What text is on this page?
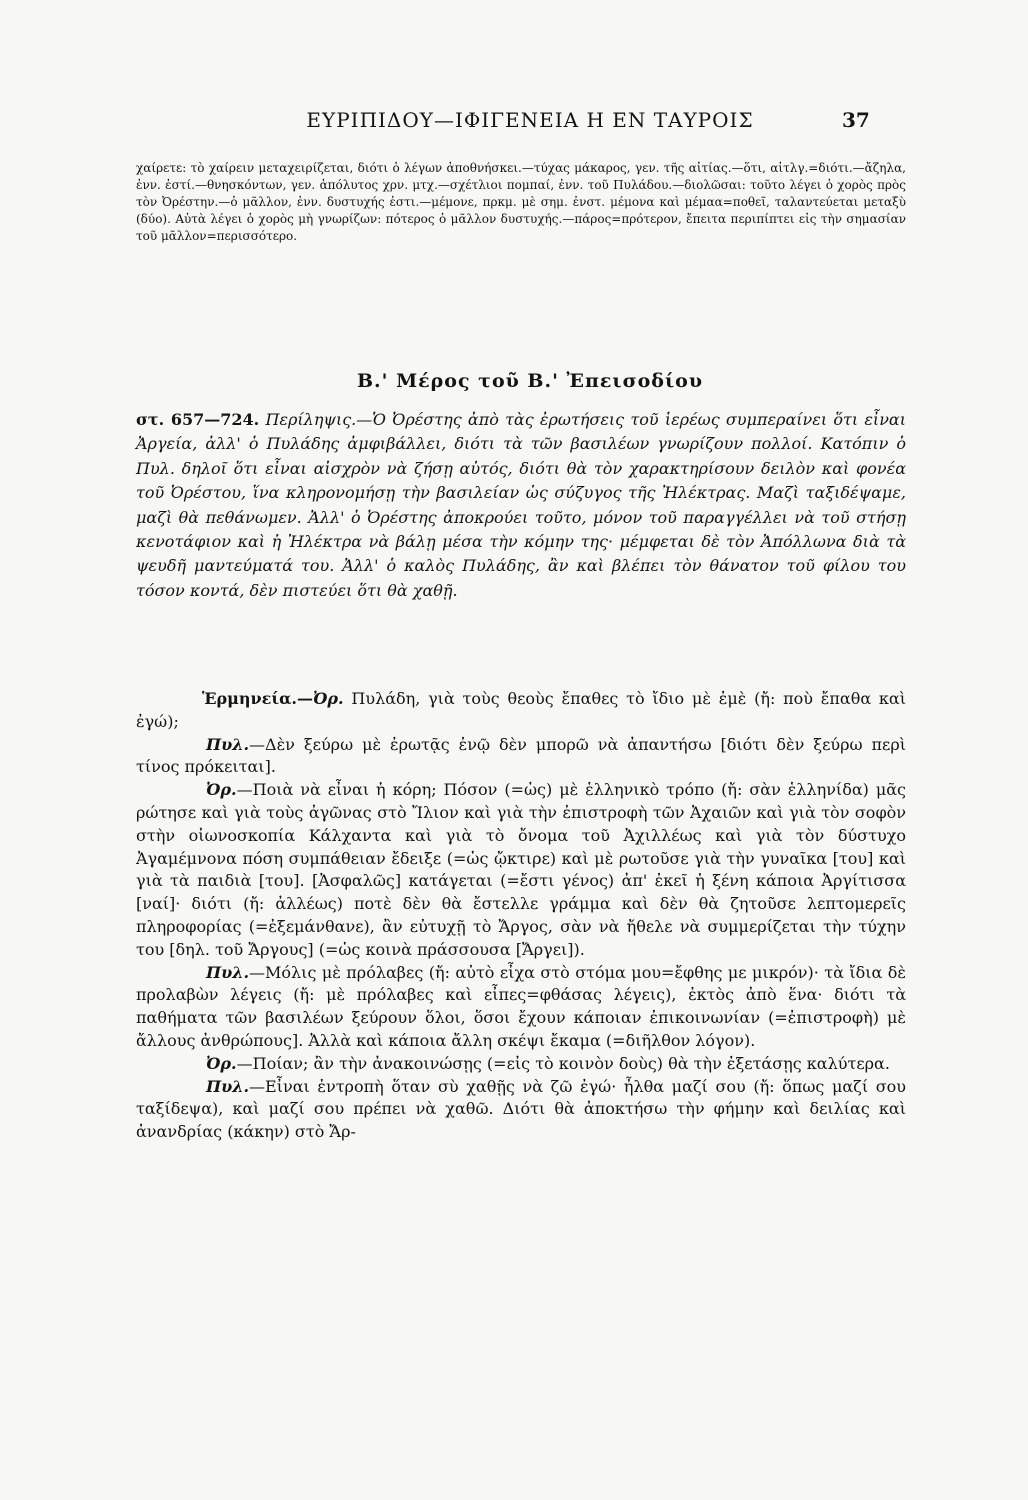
ΕΥΡΙΠΙΔΟΥ—ΙΦΙΓΕΝΕΙΑ Η ΕΝ ΤΑΥΡΟΙΣ	37
χαίρετε: τὸ χαίρειν μεταχειρίζεται, διότι ὁ λέγων ἀποθνήσκει.—τύχας μάκαρος, γεν. τῆς αἰτίας.—ὅτι, αἰτλγ.=διότι.—ἄζηλα, ἐνν. ἐστί.—θνησκόντων, γεν. ἀπόλυτος χρν. μτχ.—σχέτλιοι πομπαί, ἐνν. τοῦ Πυλάδου.—διολῶσαι: τοῦτο λέγει ὁ χορὸς πρὸς τὸν Ὀρέστην.—ὁ μᾶλλον, ἐνν. δυστυχής ἐστι.—μέμονε, πρκμ. μὲ σημ. ἐνστ. μέμονα καὶ μέμαα=ποθεῖ, ταλαντεύεται μεταξὺ (δύο). Αὐτὰ λέγει ὁ χορὸς μὴ γνωρίζων: πότερος ὁ μᾶλλον δυστυχής.—πάρος=πρότερον, ἔπειτα περιπίπτει εἰς τὴν σημασίαν τοῦ μᾶλλον=περισσότερο.
Β.' Μέρος τοῦ Β.' Ἐπεισοδίου
στ. 657—724. Περίληψις.—Ὁ Ὀρέστης ἀπὸ τὰς ἐρωτήσεις τοῦ ἱερέως συμπεραίνει ὅτι εἶναι Ἀργεία, ἀλλ' ὁ Πυλάδης ἀμφιβάλλει, διότι τὰ τῶν βασιλέων γνωρίζουν πολλοί. Κατόπιν ὁ Πυλ. δηλοῖ ὅτι εἶναι αἰσχρὸν νὰ ζήσῃ αὐτός, διότι θὰ τὸν χαρακτηρίσουν δειλὸν καὶ φονέα τοῦ Ὀρέστου, ἵνα κληρονομήσῃ τὴν βασιλείαν ὡς σύζυγος τῆς Ἠλέκτρας. Μαζὶ ταξιδέψαμε, μαζὶ θὰ πεθάνωμεν. Ἀλλ' ὁ Ὀρέστης ἀποκρούει τοῦτο, μόνον τοῦ παραγγέλλει νὰ τοῦ στήσῃ κενοτάφιον καὶ ἡ Ἠλέκτρα νὰ βάλῃ μέσα τὴν κόμην της· μέμφεται δὲ τὸν Ἀπόλλωνα διὰ τὰ ψευδῆ μαντεύματά του. Ἀλλ' ὁ καλὸς Πυλάδης, ἂν καὶ βλέπει τὸν θάνατον τοῦ φίλου του τόσον κοντά, δὲν πιστεύει ὅτι θὰ χαθῇ.

Ἑρμηνεία.—Ὀρ. Πυλάδη, γιὰ τοὺς θεοὺς ἔπαθες τὸ ἴδιο μὲ ἐμὲ (ἤ: ποὺ ἔπαθα καὶ ἐγώ);

Πυλ.—Δὲν ξεύρω μὲ ἐρωτᾷς ἐνῷ δὲν μπορῶ νὰ ἀπαντήσω [διότι δὲν ξεύρω περὶ τίνος πρόκειται].

Ὀρ.—Ποιὰ νὰ εἶναι ἡ κόρη; Πόσον (=ὡς) μὲ ἑλληνικὸ τρόπο (ἤ: σὰν ἑλληνίδα) μᾶς ρώτησε καὶ γιὰ τοὺς ἀγῶνας στὸ Ἴλιον καὶ γιὰ τὴν ἐπιστροφὴ τῶν Ἀχαιῶν καὶ γιὰ τὸν σοφὸν στὴν οἰωνοσκοπία Κάλχαντα καὶ γιὰ τὸ ὄνομα τοῦ Ἀχιλλέως καὶ γιὰ τὸν δύστυχο Ἀγαμέμνονα πόση συμπάθειαν ἔδειξε (=ὡς ᾤκτιρε) καὶ μὲ ρωτοῦσε γιὰ τὴν γυναῖκα [του] καὶ γιὰ τὰ παιδιὰ [του]. [Ἀσφαλῶς] κατάγεται (=ἔστι γένος) ἀπ' ἐκεῖ ἡ ξένη κάποια Ἀργίτισσα [ναί]· διότι (ἤ: ἀλλέως) ποτὲ δὲν θὰ ἔστελλε γράμμα καὶ δὲν θὰ ζητοῦσε λεπτομερεῖς πληροφορίας (=ἐξεμάνθανε), ἂν εὐτυχῇ τὸ Ἄργος, σὰν νὰ ἤθελε νὰ συμμερίζεται τὴν τύχην του [δηλ. τοῦ Ἄργους] (=ὡς κοινὰ πράσσουσα [Ἄργει]).

Πυλ.—Μόλις μὲ πρόλαβες (ἤ: αὐτὸ εἶχα στὸ στόμα μου=ἔφθης με μικρόν)· τὰ ἴδια δὲ προλαβὼν λέγεις (ἤ: μὲ πρόλαβες καὶ εἶπες=φθάσας λέγεις), ἐκτὸς ἀπὸ ἕνα· διότι τὰ παθήματα τῶν βασιλέων ξεύρουν ὅλοι, ὅσοι ἔχουν κάποιαν ἐπικοινωνίαν (=ἐπιστροφὴ) μὲ ἄλλους ἀνθρώπους]. Ἀλλὰ καὶ κάποια ἄλλη σκέψι ἔκαμα (=διῆλθον λόγον).

Ὀρ.—Ποίαν; ἂν τὴν ἀνακοινώσῃς (=εἰς τὸ κοινὸν δοὺς) θὰ τὴν ἐξετάσῃς καλύτερα.

Πυλ.—Εἶναι ἐντροπὴ ὅταν σὺ χαθῇς νὰ ζῶ ἐγώ· ἦλθα μαζί σου (ἤ: ὅπως μαζί σου ταξίδεψα), καὶ μαζί σου πρέπει νὰ χαθῶ. Διότι θὰ ἀποκτήσω τὴν φήμην καὶ δειλίας καὶ ἀνανδρίας (κάκην) στὸ Ἄρ-
